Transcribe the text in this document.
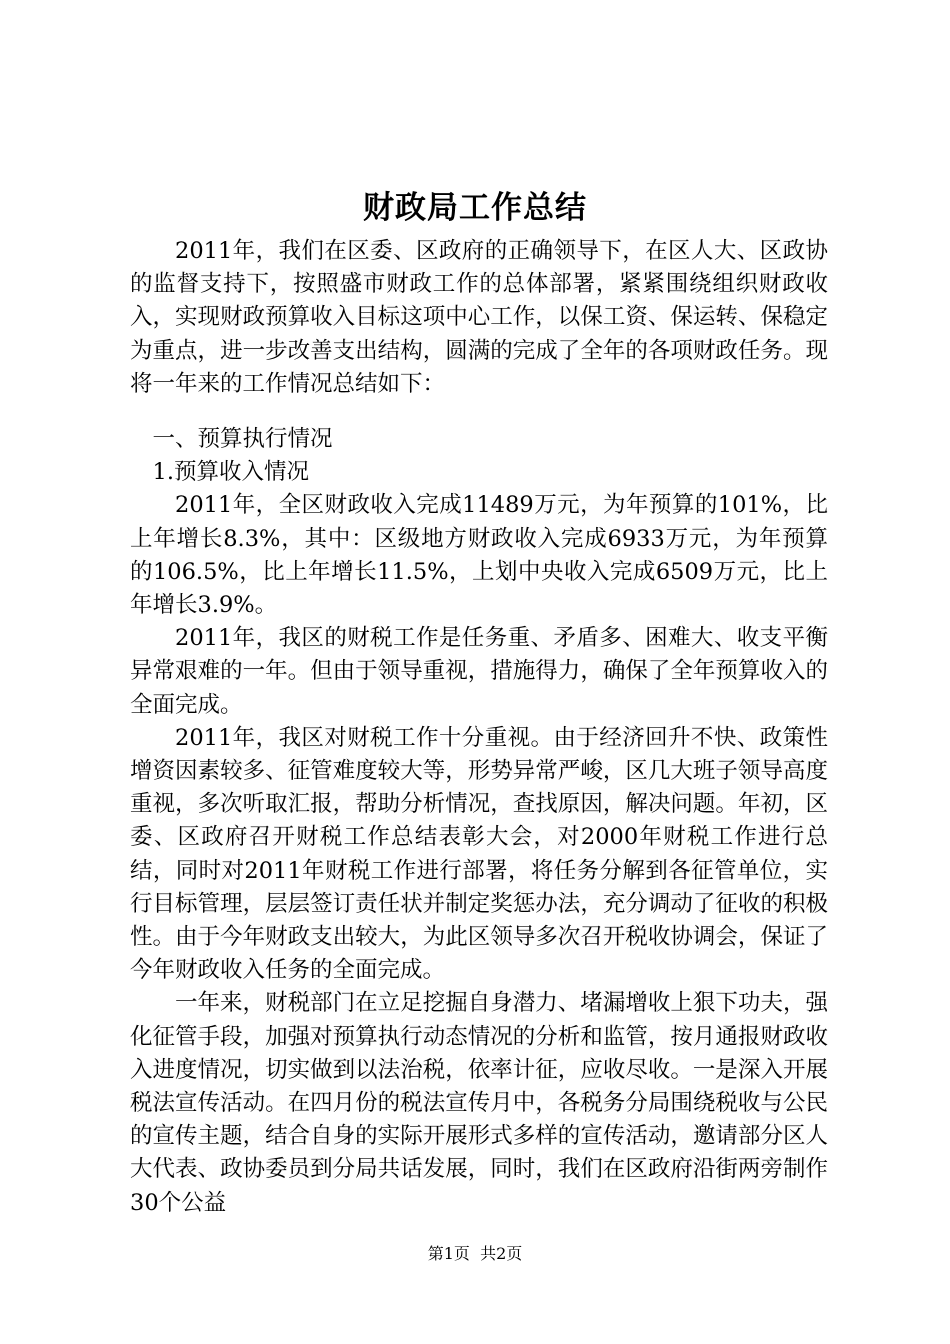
财政局工作总结

2011年，我们在区委、区政府的正确领导下，在区人大、区政协的监督支持下，按照盛市财政工作的总体部署，紧紧围绕组织财政收入，实现财政预算收入目标这项中心工作，以保工资、保运转、保稳定为重点，进一步改善支出结构，圆满的完成了全年的各项财政任务。现将一年来的工作情况总结如下：

一、预算执行情况

1.预算收入情况

2011年，全区财政收入完成11489万元，为年预算的101%，比上年增长8.3%，其中：区级地方财政收入完成6933万元，为年预算的106.5%，比上年增长11.5%，上划中央收入完成6509万元，比上年增长3.9%。

2011年，我区的财税工作是任务重、矛盾多、困难大、收支平衡异常艰难的一年。但由于领导重视，措施得力，确保了全年预算收入的全面完成。

2011年，我区对财税工作十分重视。由于经济回升不快、政策性增资因素较多、征管难度较大等，形势异常严峻，区几大班子领导高度重视，多次听取汇报，帮助分析情况，查找原因，解决问题。年初，区委、区政府召开财税工作总结表彰大会，对2000年财税工作进行总结，同时对2011年财税工作进行部署，将任务分解到各征管单位，实行目标管理，层层签订责任状并制定奖惩办法，充分调动了征收的积极性。由于今年财政支出较大，为此区领导多次召开税收协调会，保证了今年财政收入任务的全面完成。

一年来，财税部门在立足挖掘自身潜力、堵漏增收上狠下功夫，强化征管手段，加强对预算执行动态情况的分析和监管，按月通报财政收入进度情况，切实做到以法治税，依率计征，应收尽收。一是深入开展税法宣传活动。在四月份的税法宣传月中，各税务分局围绕税收与公民的宣传主题，结合自身的实际开展形式多样的宣传活动，邀请部分区人大代表、政协委员到分局共话发展，同时，我们在区政府沿街两旁制作30个公益

第1页  共2页
